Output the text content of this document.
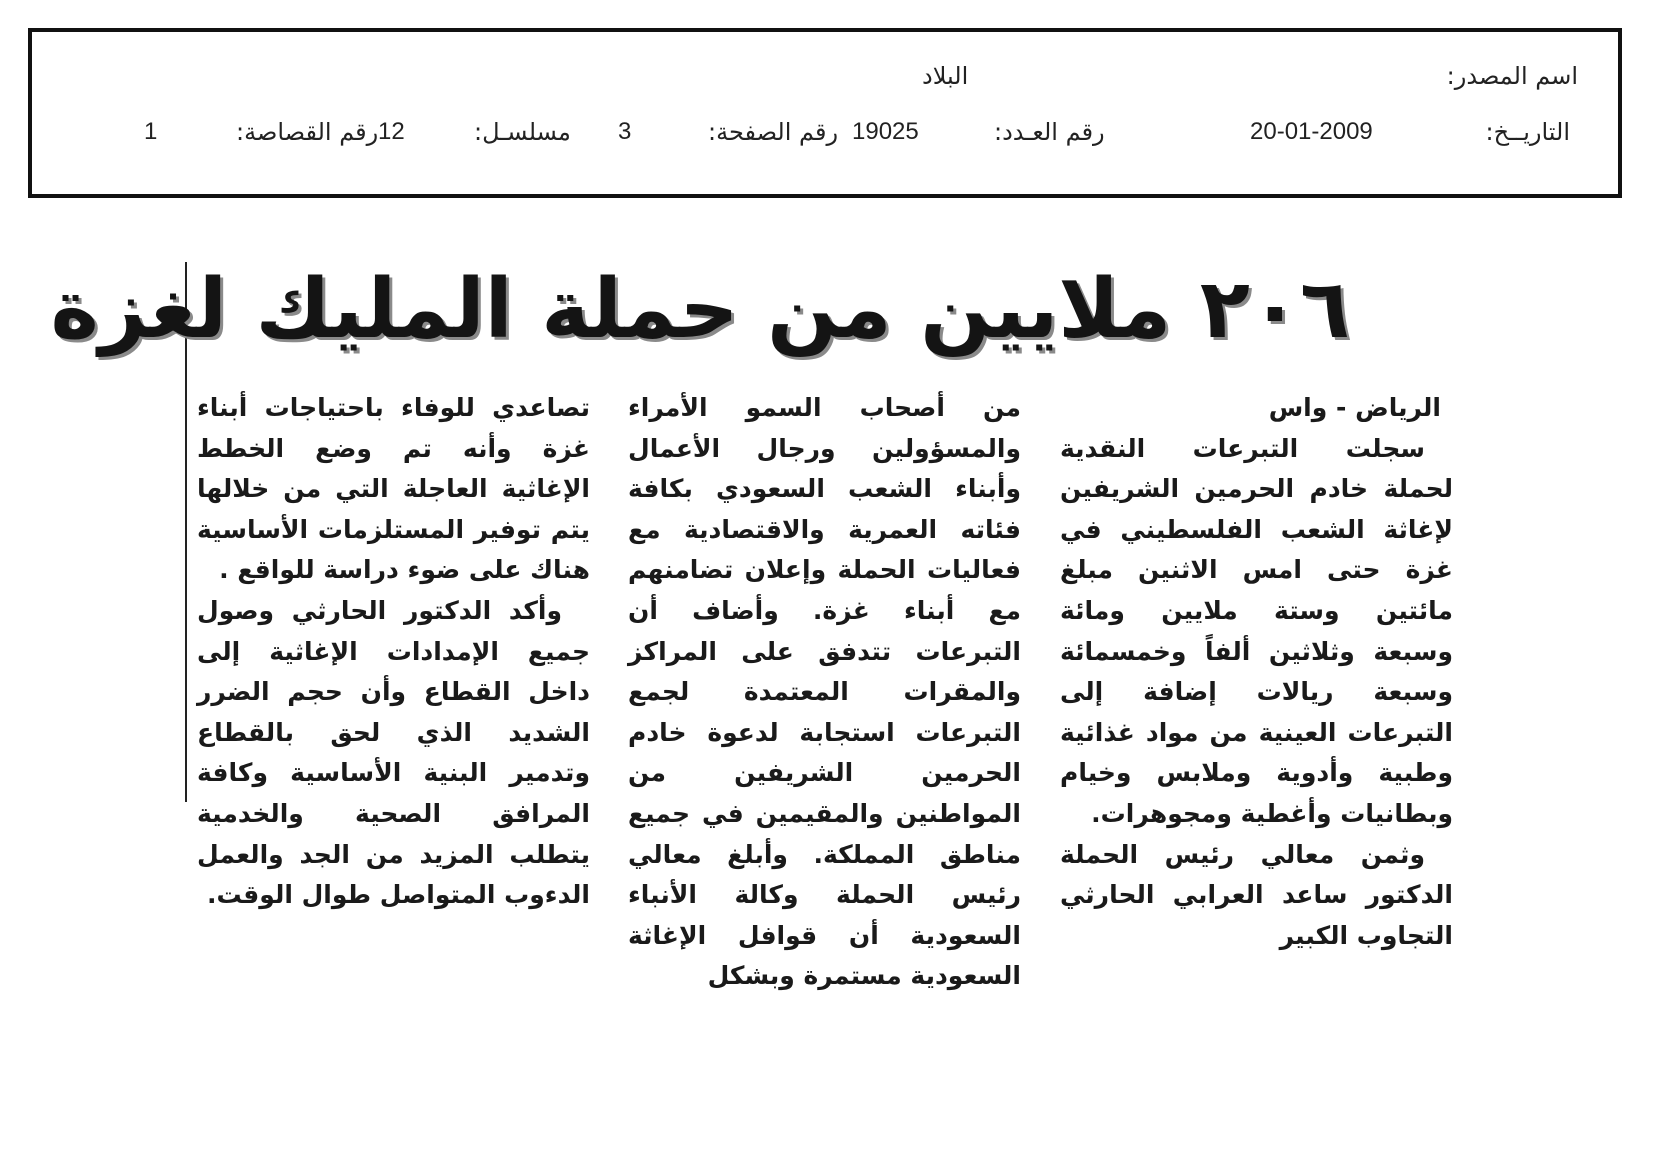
اسم المصدر:
البلاد
التاريــخ:
20-01-2009
رقم العـدد:
19025
رقم الصفحة:
3
مسلسـل:
12
رقم القصاصة:
1
٢٠٦ ملايين من حملة المليك لغزة
الرياض - واس

سجلت التبرعات النقدية لحملة خادم الحرمين الشريفين لإغاثة الشعب الفلسطيني في غزة حتى امس الاثنين مبلغ مائتين وستة ملايين ومائة وسبعة وثلاثين ألفاً وخمسمائة وسبعة ريالات إضافة إلى التبرعات العينية من مواد غذائية وطبية وأدوية وملابس وخيام وبطانيات وأغطية ومجوهرات.

وثمن معالي رئيس الحملة الدكتور ساعد العرابي الحارثي التجاوب الكبير

من أصحاب السمو الأمراء والمسؤولين ورجال الأعمال وأبناء الشعب السعودي بكافة فئاته العمرية والاقتصادية مع فعاليات الحملة وإعلان تضامنهم مع أبناء غزة. وأضاف أن التبرعات تتدفق على المراكز والمقرات المعتمدة لجمع التبرعات استجابة لدعوة خادم الحرمين الشريفين من المواطنين والمقيمين في جميع مناطق المملكة. وأبلغ معالي رئيس الحملة وكالة الأنباء السعودية أن قوافل الإغاثة السعودية مستمرة وبشكل

تصاعدي للوفاء باحتياجات أبناء غزة وأنه تم وضع الخطط الإغاثية العاجلة التي من خلالها يتم توفير المستلزمات الأساسية هناك على ضوء دراسة للواقع .

وأكد الدكتور الحارثي وصول جميع الإمدادات الإغاثية إلى داخل القطاع وأن حجم الضرر الشديد الذي لحق بالقطاع وتدمير البنية الأساسية وكافة المرافق الصحية والخدمية يتطلب المزيد من الجد والعمل الدءوب المتواصل طوال الوقت.
